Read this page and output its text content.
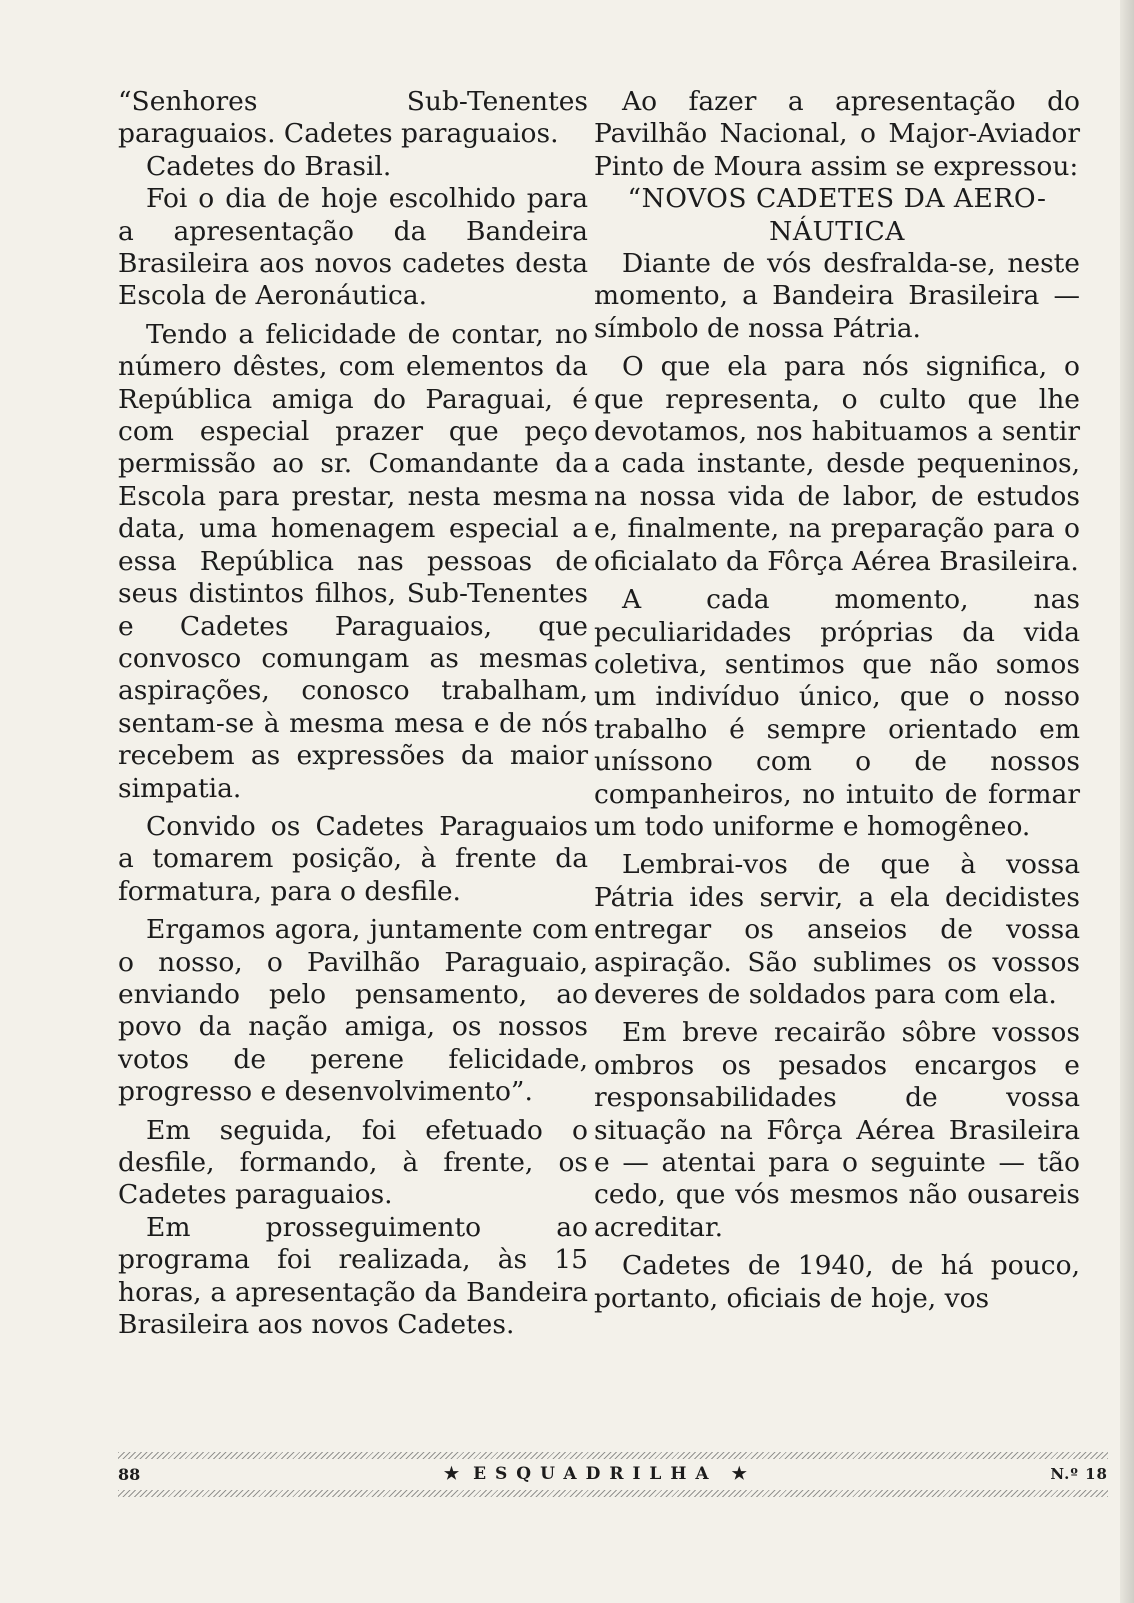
“Senhores Sub-Tenentes paraguaios. Cadetes paraguaios.

Cadetes do Brasil.

Foi o dia de hoje escolhido para a apresentação da Bandeira Brasileira aos novos cadetes desta Escola de Aeronáutica.

Tendo a felicidade de contar, no número dêstes, com elementos da República amiga do Paraguai, é com especial prazer que peço permissão ao sr. Comandante da Escola para prestar, nesta mesma data, uma homenagem especial a essa República nas pessoas de seus distintos filhos, Sub-Tenentes e Cadetes Paraguaios, que convosco comungam as mesmas aspirações, conosco trabalham, sentam-se à mesma mesa e de nós recebem as expressões da maior simpatia.

Convido os Cadetes Paraguaios a tomarem posição, à frente da formatura, para o desfile.

Ergamos agora, juntamente com o nosso, o Pavilhão Paraguaio, enviando pelo pensamento, ao povo da nação amiga, os nossos votos de perene felicidade, progresso e desenvolvimento”.

Em seguida, foi efetuado o desfile, formando, à frente, os Cadetes paraguaios.

Em prosseguimento ao programa foi realizada, às 15 horas, a apresentação da Bandeira Brasileira aos novos Cadetes.

Ao fazer a apresentação do Pavilhão Nacional, o Major-Aviador Pinto de Moura assim se expressou:

“NOVOS CADETES DA AERO-

NÁUTICA

Diante de vós desfralda-se, neste momento, a Bandeira Brasileira — símbolo de nossa Pátria.

O que ela para nós significa, o que representa, o culto que lhe devotamos, nos habituamos a sentir a cada instante, desde pequeninos, na nossa vida de labor, de estudos e, finalmente, na preparação para o oficialato da Fôrça Aérea Brasileira.

A cada momento, nas peculiaridades próprias da vida coletiva, sentimos que não somos um indivíduo único, que o nosso trabalho é sempre orientado em uníssono com o de nossos companheiros, no intuito de formar um todo uniforme e homogêneo.

Lembrai-vos de que à vossa Pátria ides servir, a ela decidistes entregar os anseios de vossa aspiração. São sublimes os vossos deveres de soldados para com ela.

Em breve recairão sôbre vossos ombros os pesados encargos e responsabilidades de vossa situação na Fôrça Aérea Brasileira e — atentai para o seguinte — tão cedo, que vós mesmos não ousareis acreditar.

Cadetes de 1940, de há pouco, portanto, oficiais de hoje, vos

88	★ ESQUADRILHA ★	N.º 18
